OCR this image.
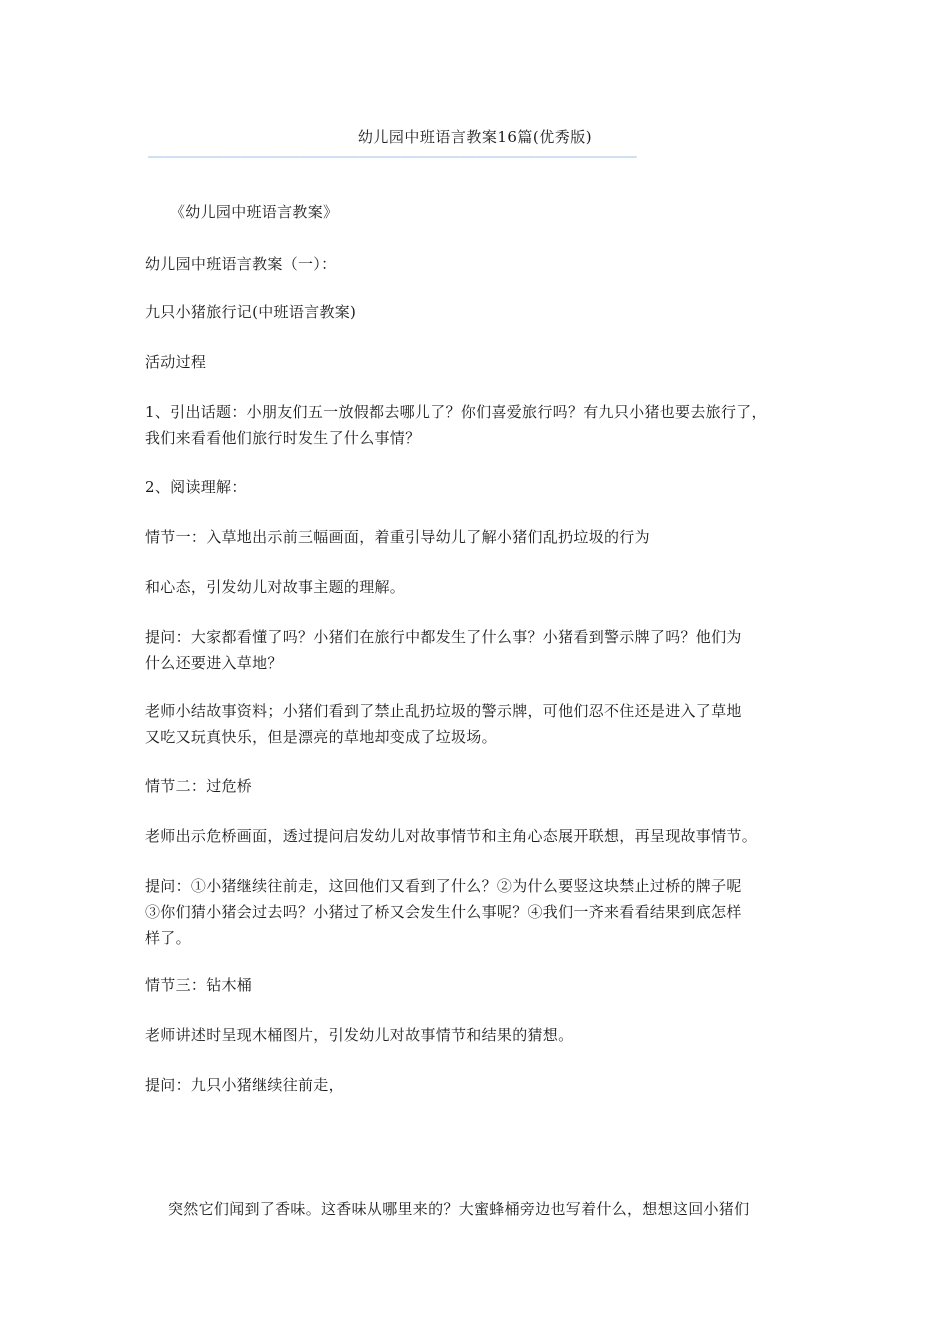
幼儿园中班语言教案16篇(优秀版)
——————————————————————————————————————————————————————————
《幼儿园中班语言教案》
幼儿园中班语言教案（一）：
九只小猪旅行记(中班语言教案)
活动过程
1、引出话题：小朋友们五一放假都去哪儿了？你们喜爱旅行吗？有九只小猪也要去旅行了，
我们来看看他们旅行时发生了什么事情？
2、阅读理解：
情节一：入草地出示前三幅画面，着重引导幼儿了解小猪们乱扔垃圾的行为
和心态，引发幼儿对故事主题的理解。
提问：大家都看懂了吗？小猪们在旅行中都发生了什么事？小猪看到警示牌了吗？他们为
什么还要进入草地？
老师小结故事资料；小猪们看到了禁止乱扔垃圾的警示牌，可他们忍不住还是进入了草地
又吃又玩真快乐，但是漂亮的草地却变成了垃圾场。
情节二：过危桥
老师出示危桥画面，透过提问启发幼儿对故事情节和主角心态展开联想，再呈现故事情节。
提问：①小猪继续往前走，这回他们又看到了什么？②为什么要竖这块禁止过桥的牌子呢
③你们猜小猪会过去吗？小猪过了桥又会发生什么事呢？④我们一齐来看看结果到底怎样
样了。
情节三：钻木桶
老师讲述时呈现木桶图片，引发幼儿对故事情节和结果的猜想。
提问：九只小猪继续往前走，
突然它们闻到了香味。这香味从哪里来的？大蜜蜂桶旁边也写着什么，想想这回小猪们
